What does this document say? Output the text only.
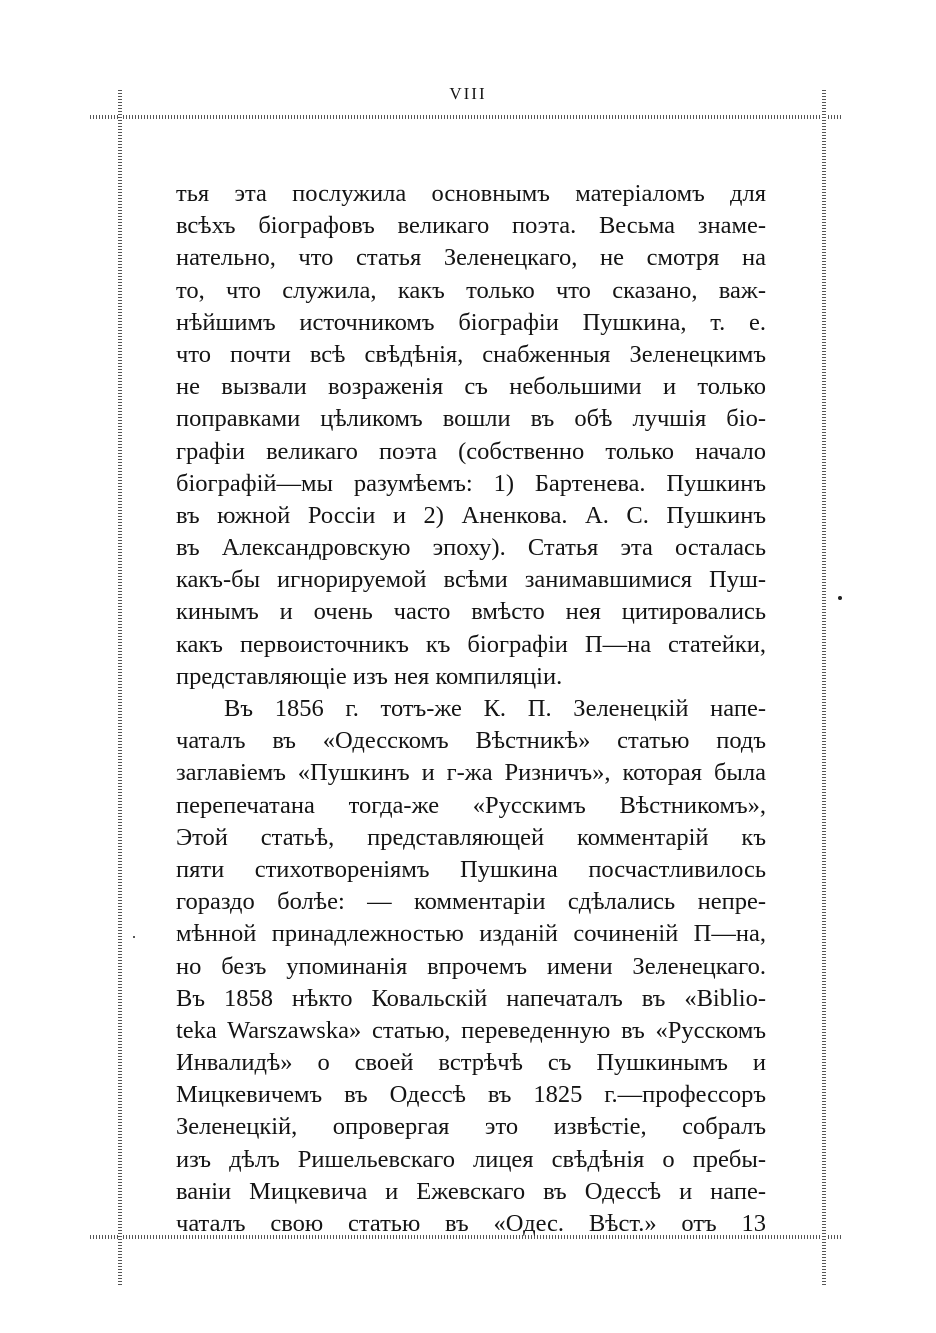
VIII
тья эта послужила основнымъ матеріаломъ для
всѣхъ біографовъ великаго поэта. Весьма знаме-
нательно, что статья Зеленецкаго, не смотря на
то, что служила, какъ только что сказано, важ-
нѣйшимъ источникомъ біографіи Пушкина, т. е.
что почти всѣ свѣдѣнія, снабженныя Зеленецкимъ
не вызвали возраженія съ небольшими и только
поправками цѣликомъ вошли въ обѣ лучшія біо-
графіи великаго поэта (собственно только начало
біографій—мы разумѣемъ: 1) Бартенева. Пушкинъ
въ южной Россіи и 2) Аненкова. А. С. Пушкинъ
въ Александровскую эпоху). Статья эта осталась
какъ-бы игнорируемой всѣми занимавшимися Пуш-
кинымъ и очень часто вмѣсто нея цитировались
какъ первоисточникъ къ біографіи П—на статейки,
представляющіе изъ нея компиляціи.
Въ 1856 г. тотъ-же К. П. Зеленецкій напе-
чаталъ въ «Одесскомъ Вѣстникѣ» статью подъ
заглавіемъ «Пушкинъ и г-жа Ризничъ», которая была
перепечатана тогда-же «Русскимъ Вѣстникомъ»,
Этой статьѣ, представляющей комментарій къ
пяти стихотвореніямъ Пушкина посчастливилось
гораздо болѣе: — комментаріи сдѣлались непре-
мѣнной принадлежностью изданій сочиненій П—на,
но безъ упоминанія впрочемъ имени Зеленецкаго.
Въ 1858 нѣкто Ковальскій напечаталъ въ «Biblio-
teka Warszawska» статью, переведенную въ «Русскомъ
Инвалидѣ» о своей встрѣчѣ съ Пушкинымъ и
Мицкевичемъ въ Одессѣ въ 1825 г.—профессоръ
Зеленецкій, опровергая это извѣстіе, собралъ
изъ дѣлъ Ришельевскаго лицея свѣдѣнія о пребы-
ваніи Мицкевича и Ежевскаго въ Одессѣ и напе-
чаталъ свою статью въ «Одес. Вѣст.» отъ 13
